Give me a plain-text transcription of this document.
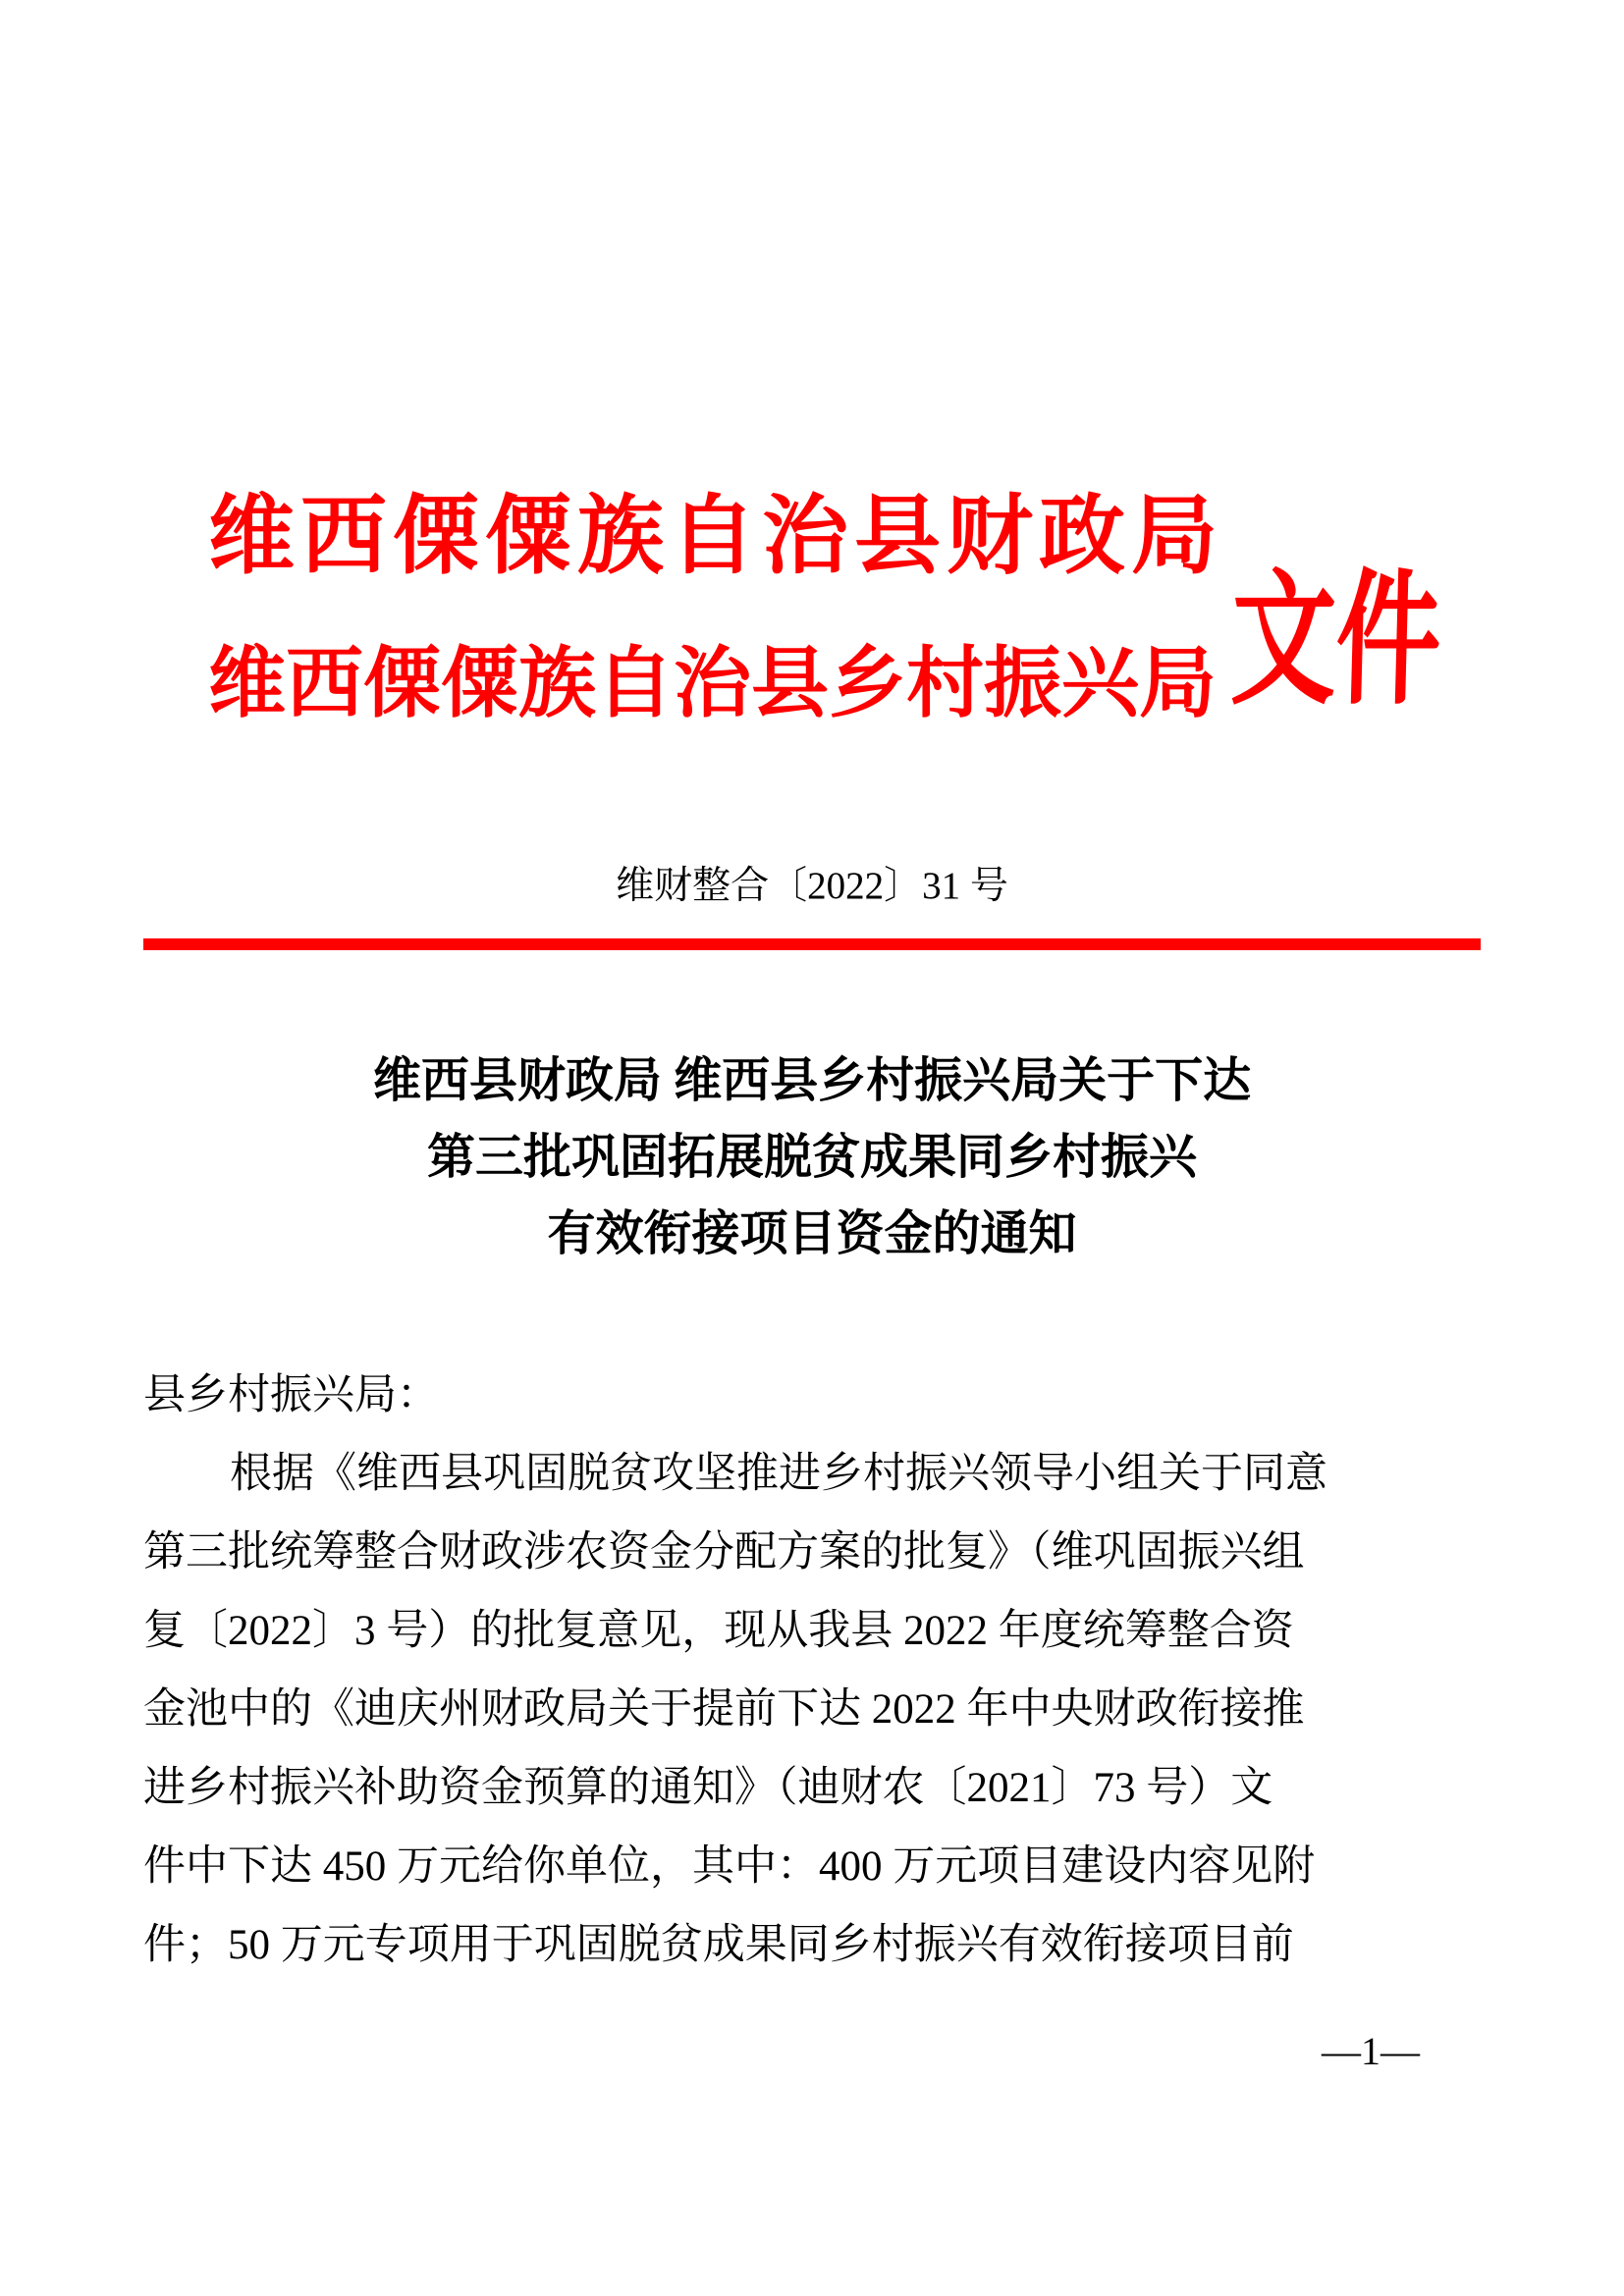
维西傈僳族自治县财政局
维西傈僳族自治县乡村振兴局 文件
维财整合〔2022〕31 号
维西县财政局 维西县乡村振兴局关于下达
第三批巩固拓展脱贫成果同乡村振兴
有效衔接项目资金的通知
县乡村振兴局：
根据《维西县巩固脱贫攻坚推进乡村振兴领导小组关于同意
第三批统筹整合财政涉农资金分配方案的批复》（维巩固振兴组
复〔2022〕3 号）的批复意见，现从我县 2022 年度统筹整合资
金池中的《迪庆州财政局关于提前下达 2022 年中央财政衔接推
进乡村振兴补助资金预算的通知》（迪财农〔2021〕73 号）文
件中下达 450 万元给你单位，其中：400 万元项目建设内容见附
件；50 万元专项用于巩固脱贫成果同乡村振兴有效衔接项目前
—1—
